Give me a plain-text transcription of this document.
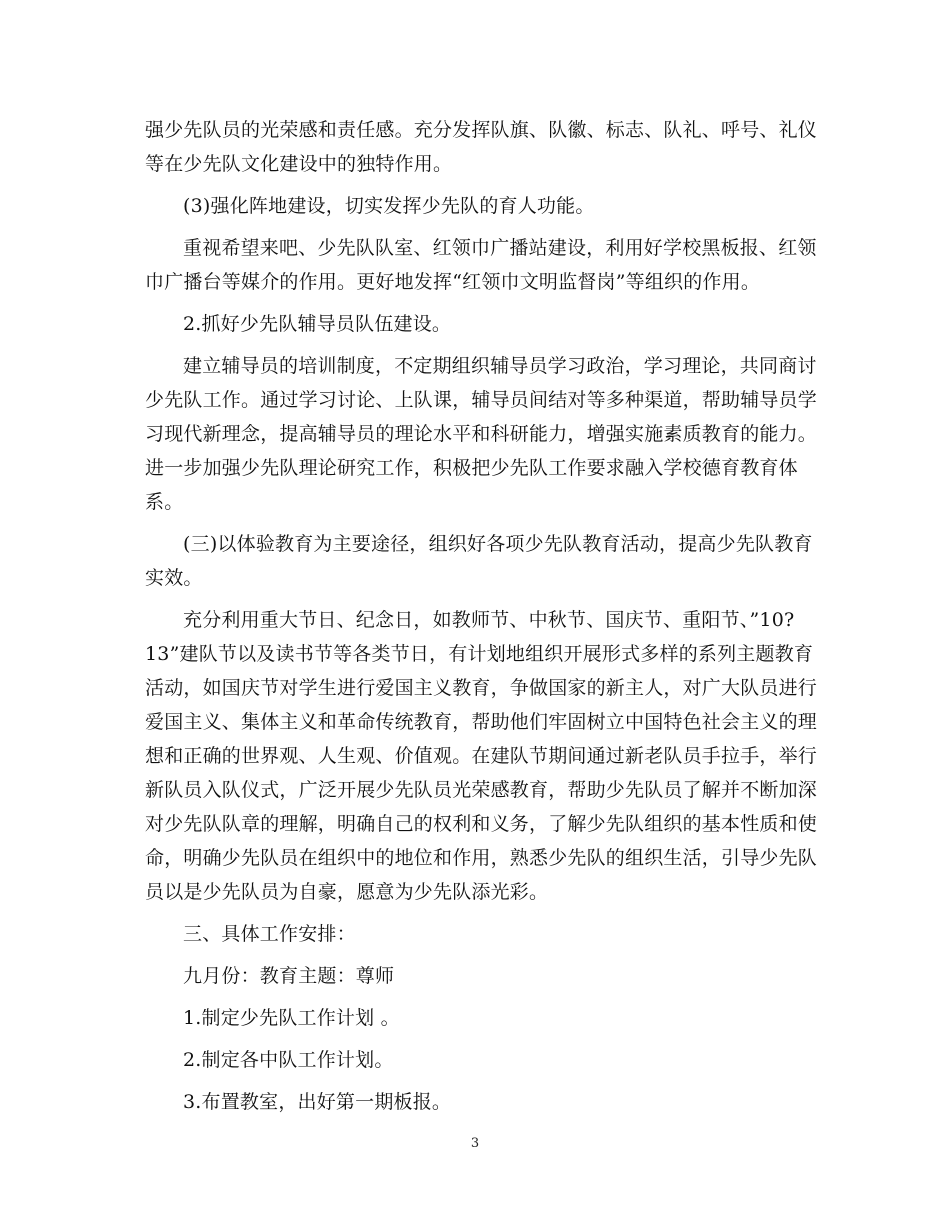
强少先队员的光荣感和责任感。充分发挥队旗、队徽、标志、队礼、呼号、礼仪
等在少先队文化建设中的独特作用。
(3)强化阵地建设，切实发挥少先队的育人功能。
重视希望来吧、少先队队室、红领巾广播站建设，利用好学校黑板报、红领
巾广播台等媒介的作用。更好地发挥“红领巾文明监督岗”等组织的作用。
2.抓好少先队辅导员队伍建设。
建立辅导员的培训制度，不定期组织辅导员学习政治，学习理论，共同商讨
少先队工作。通过学习讨论、上队课，辅导员间结对等多种渠道，帮助辅导员学
习现代新理念，提高辅导员的理论水平和科研能力，增强实施素质教育的能力。
进一步加强少先队理论研究工作，积极把少先队工作要求融入学校德育教育体
系。
(三)以体验教育为主要途径，组织好各项少先队教育活动，提高少先队教育
实效。
充分利用重大节日、纪念日，如教师节、中秋节、国庆节、重阳节、”10?
13”建队节以及读书节等各类节日，有计划地组织开展形式多样的系列主题教育
活动，如国庆节对学生进行爱国主义教育，争做国家的新主人，对广大队员进行
爱国主义、集体主义和革命传统教育，帮助他们牢固树立中国特色社会主义的理
想和正确的世界观、人生观、价值观。在建队节期间通过新老队员手拉手，举行
新队员入队仪式，广泛开展少先队员光荣感教育，帮助少先队员了解并不断加深
对少先队队章的理解，明确自己的权利和义务，了解少先队组织的基本性质和使
命，明确少先队员在组织中的地位和作用，熟悉少先队的组织生活，引导少先队
员以是少先队员为自豪，愿意为少先队添光彩。
三、具体工作安排：
九月份：教育主题：尊师
1.制定少先队工作计划 。
2.制定各中队工作计划。
3.布置教室，出好第一期板报。
3
